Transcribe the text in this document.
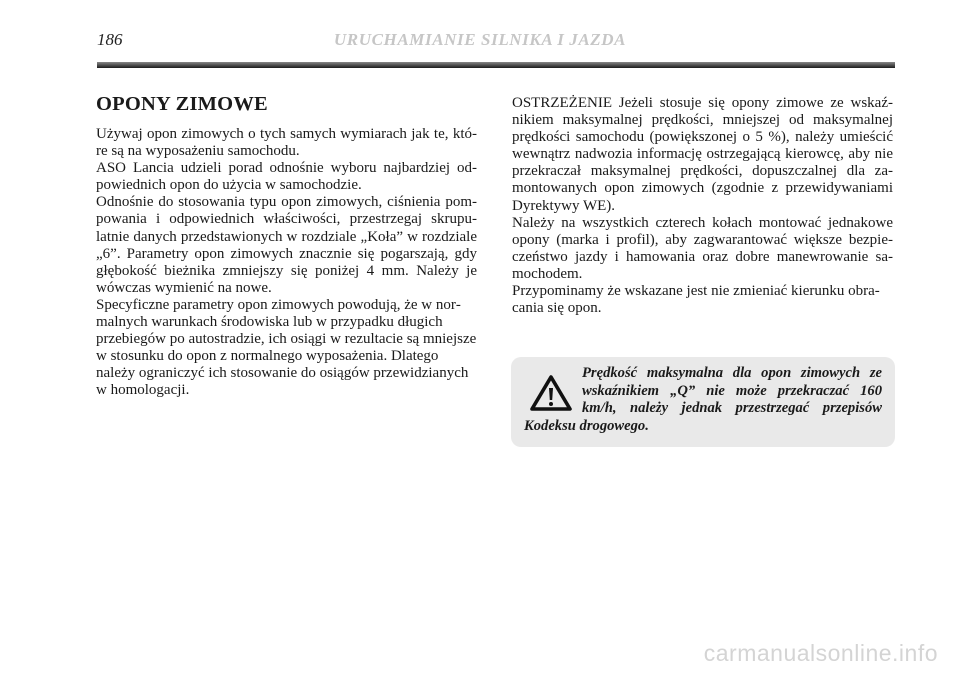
186	URUCHAMIANIE SILNIKA I JAZDA
OPONY ZIMOWE

Używaj opon zimowych o tych samych wymiarach jak te, które są na wyposażeniu samochodu.

ASO Lancia udzieli porad odnośnie wyboru najbardziej odpowiednich opon do użycia w samochodzie.

Odnośnie do stosowania typu opon zimowych, ciśnienia pompowania i odpowiednich właściwości, przestrzegaj skrupulatnie danych przedstawionych w rozdziale „Koła” w rozdziale „6”. Parametry opon zimowych znacznie się pogarszają, gdy głębokość bieżnika zmniejszy się poniżej 4 mm. Należy je wówczas wymienić na nowe.

Specyficzne parametry opon zimowych powodują, że w normalnych warunkach środowiska lub w przypadku długich przebiegów po autostradzie, ich osiągi w rezultacie są mniejsze w stosunku do opon z normalnego wyposażenia. Dlatego należy ograniczyć ich stosowanie do osiągów przewidzianych w homologacji.

OSTRZEŻENIE Jeżeli stosuje się opony zimowe ze wskaźnikiem maksymalnej prędkości, mniejszej od maksymalnej prędkości samochodu (powiększonej o 5 %), należy umieścić wewnątrz nadwozia informację ostrzegającą kierowcę, aby nie przekraczał maksymalnej prędkości, dopuszczalnej dla zamontowanych opon zimowych (zgodnie z przewidywaniami Dyrektywy WE).

Należy na wszystkich czterech kołach montować jednakowe opony (marka i profil), aby zagwarantować większe bezpieczeństwo jazdy i hamowania oraz dobre manewrowanie samochodem.

Przypominamy że wskazane jest nie zmieniać kierunku obracania się opon.

Prędkość maksymalna dla opon zimowych ze wskaźnikiem „Q” nie może przekraczać 160 km/h, należy jednak przestrzegać przepisów Kodeksu drogowego.
carmanualsonline.info
